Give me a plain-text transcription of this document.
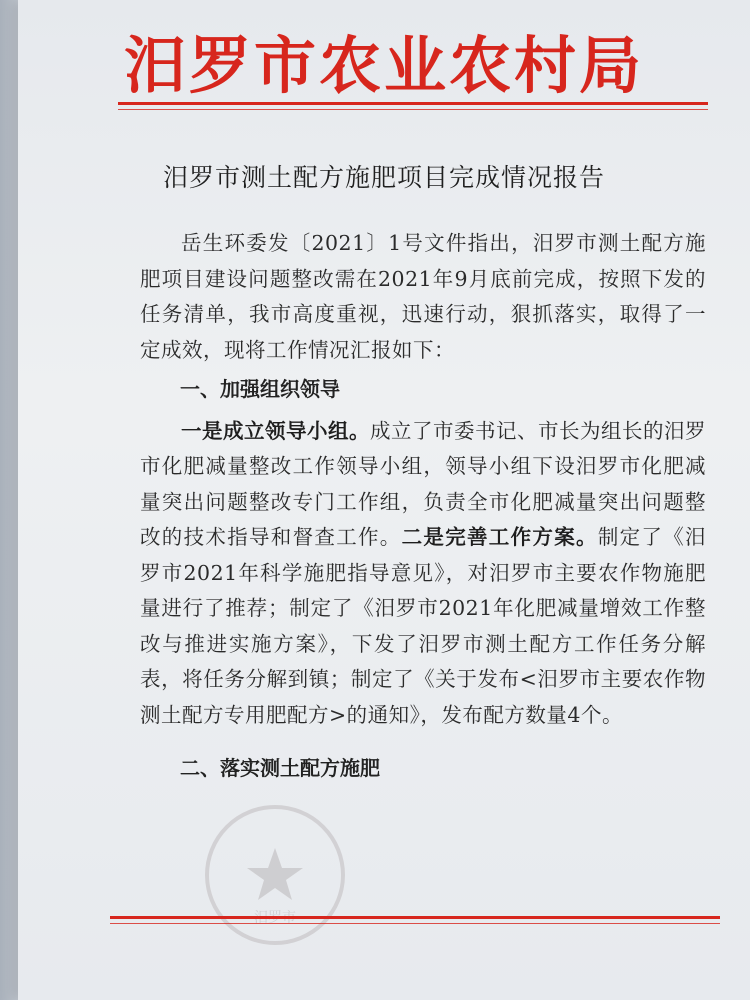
汨罗市农业农村局
汨罗市测土配方施肥项目完成情况报告

岳生环委发〔2021〕1号文件指出，汨罗市测土配方施肥项目建设问题整改需在2021年9月底前完成，按照下发的任务清单，我市高度重视，迅速行动，狠抓落实，取得了一定成效，现将工作情况汇报如下：

一、加强组织领导

一是成立领导小组。成立了市委书记、市长为组长的汨罗市化肥减量整改工作领导小组，领导小组下设汨罗市化肥减量突出问题整改专门工作组，负责全市化肥减量突出问题整改的技术指导和督查工作。二是完善工作方案。制定了《汨罗市2021年科学施肥指导意见》，对汨罗市主要农作物施肥量进行了推荐；制定了《汨罗市2021年化肥减量增效工作整改与推进实施方案》，下发了汨罗市测土配方工作任务分解表，将任务分解到镇；制定了《关于发布<汨罗市主要农作物测土配方专用肥配方>的通知》，发布配方数量4个。

二、落实测土配方施肥
